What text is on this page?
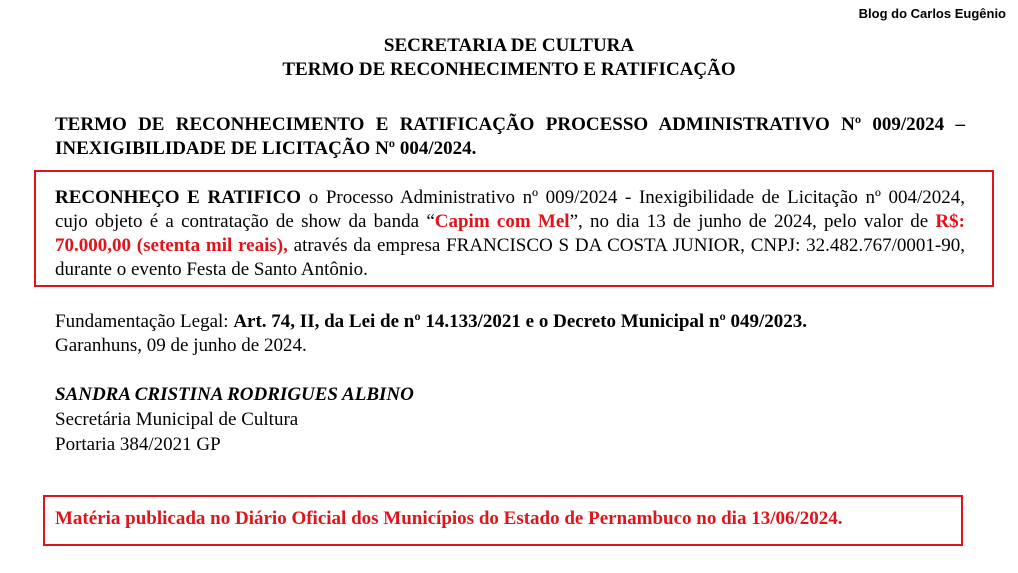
Blog do Carlos Eugênio
SECRETARIA DE CULTURA
TERMO DE RECONHECIMENTO E RATIFICAÇÃO
TERMO DE RECONHECIMENTO E RATIFICAÇÃO PROCESSO ADMINISTRATIVO Nº 009/2024 – INEXIGIBILIDADE DE LICITAÇÃO Nº 004/2024.
RECONHEÇO E RATIFICO o Processo Administrativo nº 009/2024 - Inexigibilidade de Licitação nº 004/2024, cujo objeto é a contratação de show da banda “Capim com Mel”, no dia 13 de junho de 2024, pelo valor de R$: 70.000,00 (setenta mil reais), através da empresa FRANCISCO S DA COSTA JUNIOR, CNPJ: 32.482.767/0001-90, durante o evento Festa de Santo Antônio.
Fundamentação Legal: Art. 74, II, da Lei de nº 14.133/2021 e o Decreto Municipal nº 049/2023.
Garanhuns, 09 de junho de 2024.
SANDRA CRISTINA RODRIGUES ALBINO
Secretária Municipal de Cultura
Portaria 384/2021 GP
Matéria publicada no Diário Oficial dos Municípios do Estado de Pernambuco no dia 13/06/2024.
